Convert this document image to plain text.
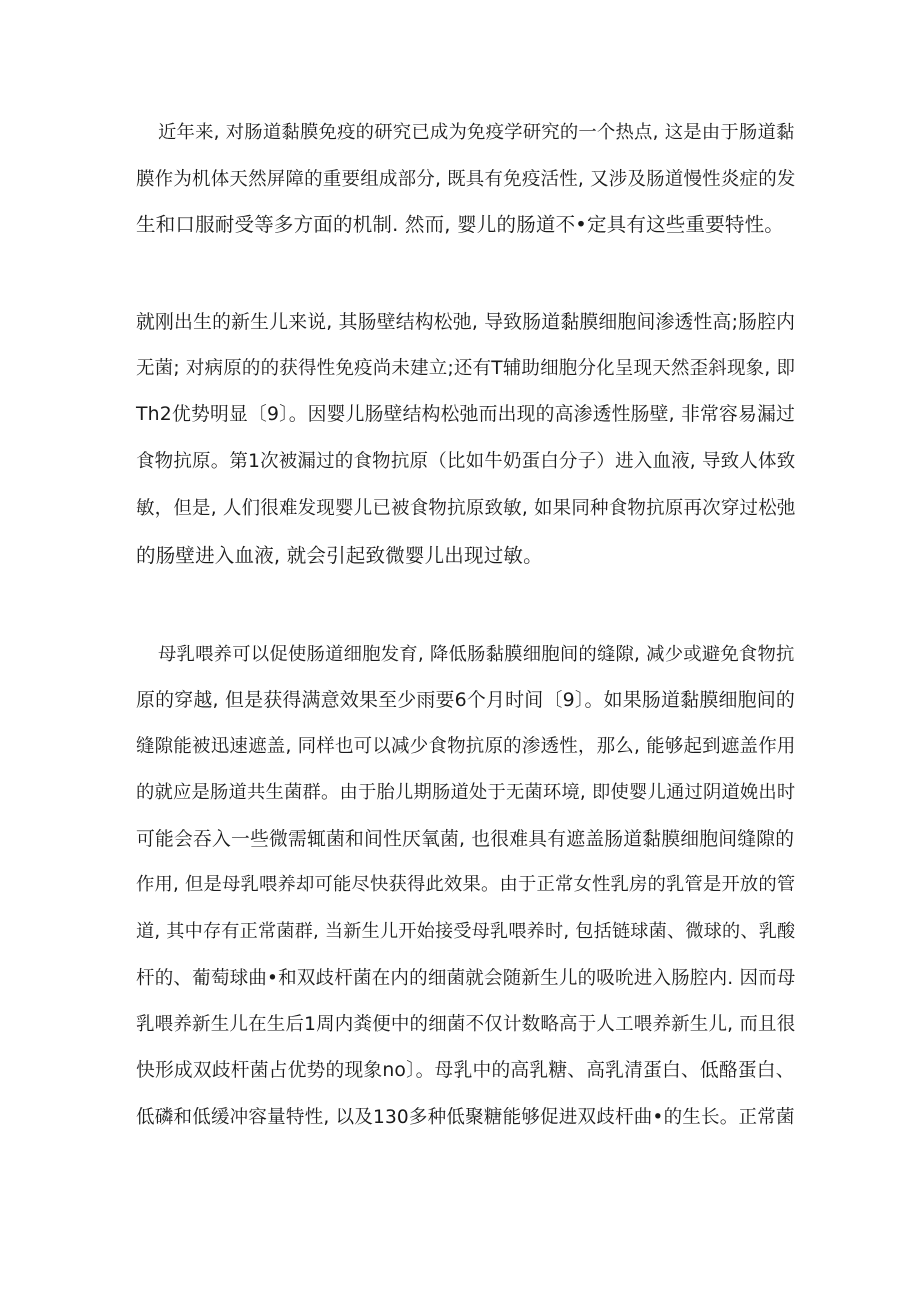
近年来, 对肠道黏膜免疫的研究已成为免疫学研究的一个热点, 这是由于肠道黏
膜作为机体天然屏障的重要组成部分, 既具有免疫活性, 又涉及肠道慢性炎症的发
生和口服耐受等多方面的机制. 然而, 婴儿的肠道不•定具有这些重要特性。
就刚出生的新生儿来说, 其肠壁结构松弛, 导致肠道黏膜细胞间渗透性高;肠腔内
无菌; 对病原的的获得性免疫尚未建立;还有T辅助细胞分化呈现天然歪斜现象, 即
Th2优势明显〔9〕。因婴儿肠壁结构松弛而出现的高渗透性肠壁, 非常容易漏过
食物抗原。第1次被漏过的食物抗原（比如牛奶蛋白分子）进入血液, 导致人体致
敏，但是, 人们很难发现婴儿已被食物抗原致敏, 如果同种食物抗原再次穿过松弛
的肠壁进入血液, 就会引起致微婴儿出现过敏。
母乳喂养可以促使肠道细胞发育, 降低肠黏膜细胞间的缝隙, 减少或避免食物抗
原的穿越, 但是获得满意效果至少雨要6个月时间〔9〕。如果肠道黏膜细胞间的
缝隙能被迅速遮盖, 同样也可以减少食物抗原的渗透性，那么, 能够起到遮盖作用
的就应是肠道共生菌群。由于胎儿期肠道处于无菌环境, 即使婴儿通过阴道娩出时
可能会吞入一些微需辄菌和间性厌氧菌, 也很难具有遮盖肠道黏膜细胞间缝隙的
作用, 但是母乳喂养却可能尽快获得此效果。由于正常女性乳房的乳管是开放的管
道, 其中存有正常菌群, 当新生儿开始接受母乳喂养时, 包括链球菌、微球的、乳酸
杆的、葡萄球曲•和双歧杆菌在内的细菌就会随新生儿的吸吮进入肠腔内. 因而母
乳喂养新生儿在生后1周内粪便中的细菌不仅计数略高于人工喂养新生儿, 而且很
快形成双歧杆菌占优势的现象no〕。母乳中的高乳糖、高乳清蛋白、低酪蛋白、
低磷和低缓冲容量特性, 以及130多种低聚糖能够促进双歧杆曲•的生长。正常菌
